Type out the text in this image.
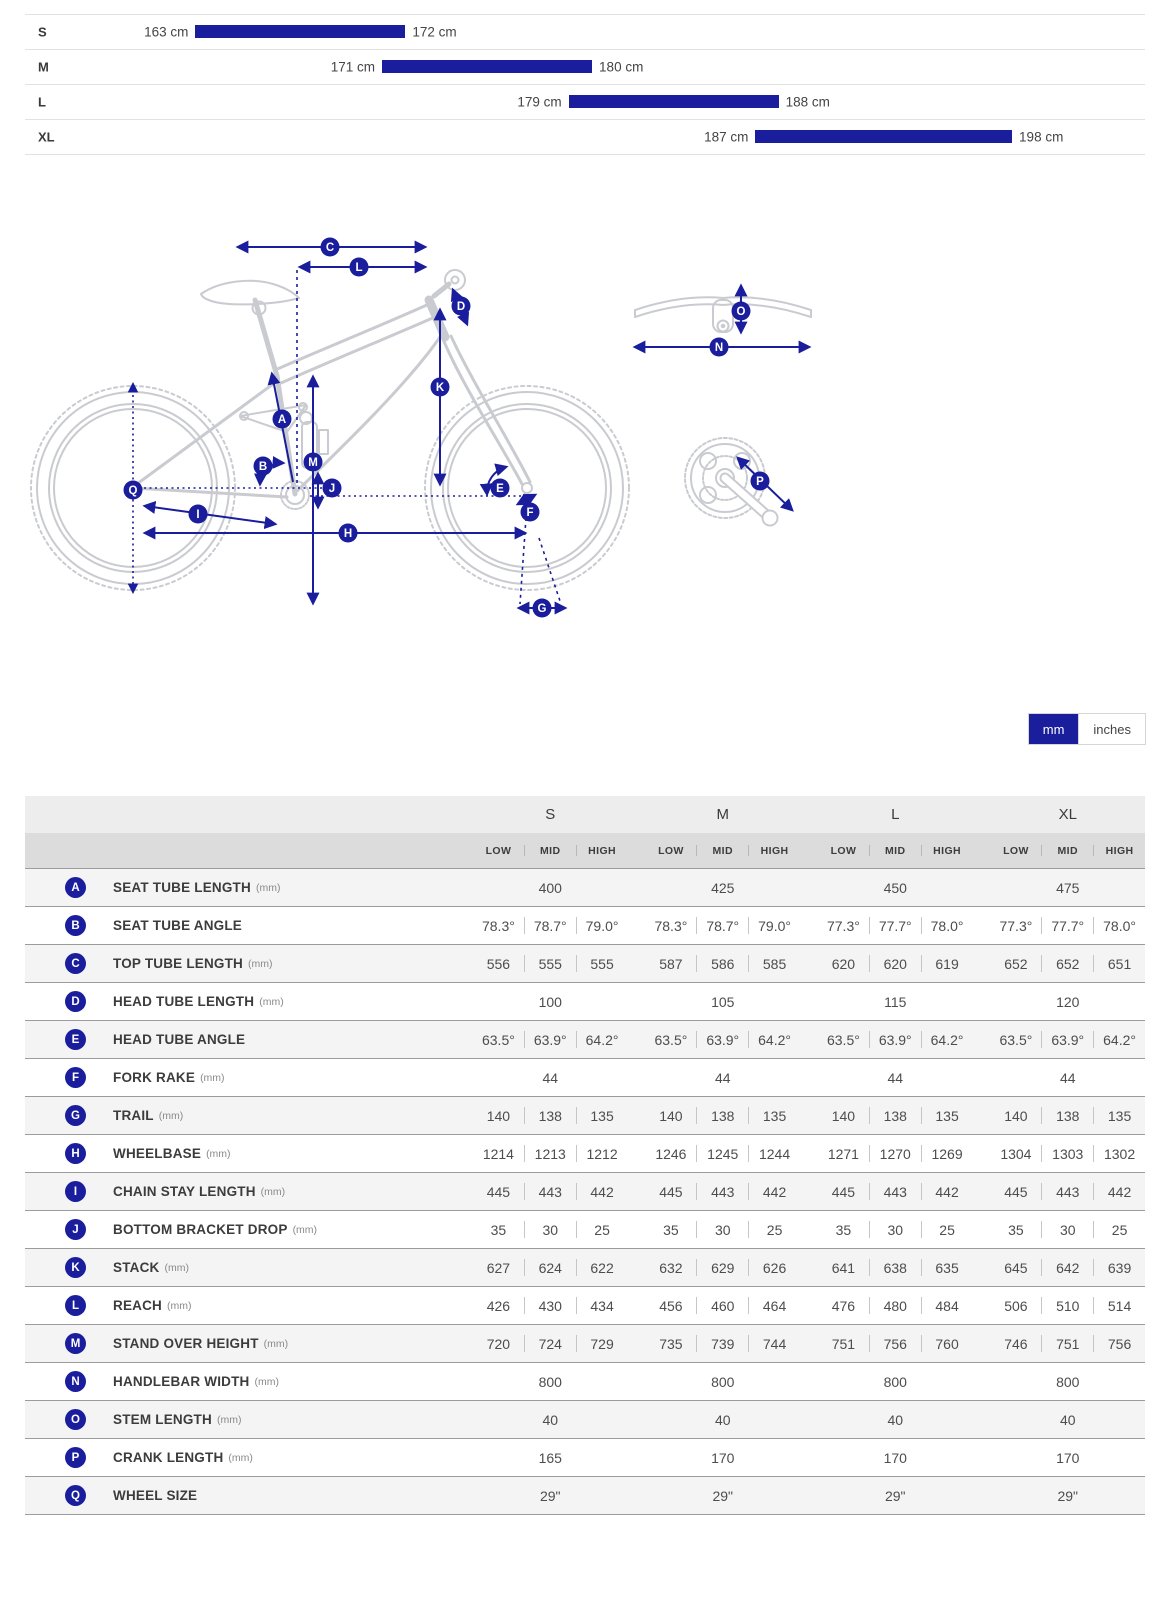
S	163 cm	172 cm
M	171 cm	180 cm
L	179 cm	188 cm
XL	187 cm	198 cm
A
B
C
D
E
F
G
H
I
J
K
L
M
N
O
P
Q
mm	inches
S	M	L	XL
LOW	MID	HIGH	LOW	MID	HIGH	LOW	MID	HIGH	LOW	MID	HIGH
A	SEAT TUBE LENGTH (mm)	400	425	450	475
B	SEAT TUBE ANGLE	78.3°	78.7°	79.0°	78.3°	78.7°	79.0°	77.3°	77.7°	78.0°	77.3°	77.7°	78.0°
C	TOP TUBE LENGTH (mm)	556	555	555	587	586	585	620	620	619	652	652	651
D	HEAD TUBE LENGTH (mm)	100	105	115	120
E	HEAD TUBE ANGLE	63.5°	63.9°	64.2°	63.5°	63.9°	64.2°	63.5°	63.9°	64.2°	63.5°	63.9°	64.2°
F	FORK RAKE (mm)	44	44	44	44
G	TRAIL (mm)	140	138	135	140	138	135	140	138	135	140	138	135
H	WHEELBASE (mm)	1214	1213	1212	1246	1245	1244	1271	1270	1269	1304	1303	1302
I	CHAIN STAY LENGTH (mm)	445	443	442	445	443	442	445	443	442	445	443	442
J	BOTTOM BRACKET DROP (mm)	35	30	25	35	30	25	35	30	25	35	30	25
K	STACK (mm)	627	624	622	632	629	626	641	638	635	645	642	639
L	REACH (mm)	426	430	434	456	460	464	476	480	484	506	510	514
M	STAND OVER HEIGHT (mm)	720	724	729	735	739	744	751	756	760	746	751	756
N	HANDLEBAR WIDTH (mm)	800	800	800	800
O	STEM LENGTH (mm)	40	40	40	40
P	CRANK LENGTH (mm)	165	170	170	170
Q	WHEEL SIZE	29"	29"	29"	29"
